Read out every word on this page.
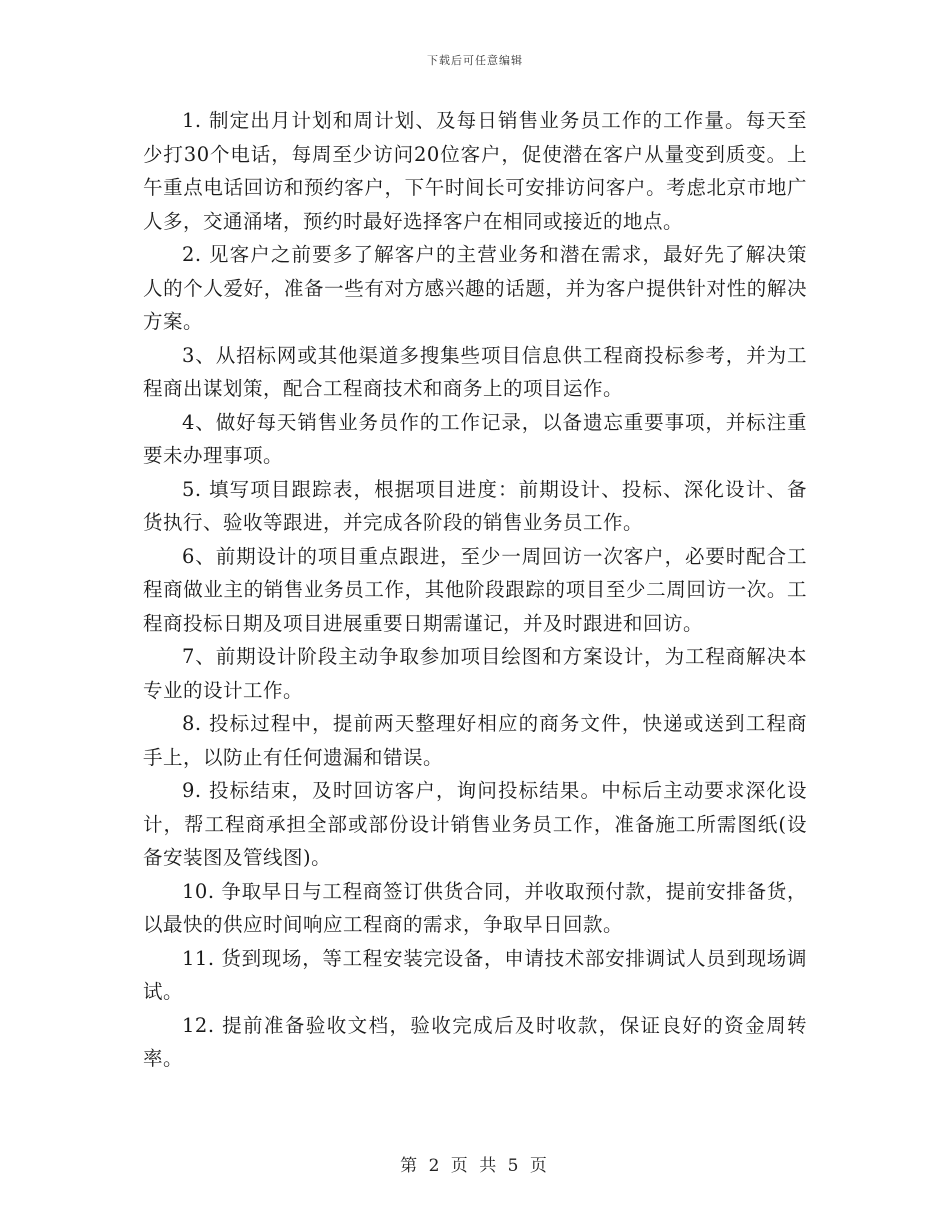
下载后可任意编辑

1. 制定出月计划和周计划、及每日销售业务员工作的工作量。每天至少打30个电话，每周至少访问20位客户，促使潜在客户从量变到质变。上午重点电话回访和预约客户，下午时间长可安排访问客户。考虑北京市地广人多，交通涌堵，预约时最好选择客户在相同或接近的地点。

2. 见客户之前要多了解客户的主营业务和潜在需求，最好先了解决策人的个人爱好，准备一些有对方感兴趣的话题，并为客户提供针对性的解决方案。

3、从招标网或其他渠道多搜集些项目信息供工程商投标参考，并为工程商出谋划策，配合工程商技术和商务上的项目运作。

4、做好每天销售业务员作的工作记录，以备遗忘重要事项，并标注重要未办理事项。

5. 填写项目跟踪表，根据项目进度：前期设计、投标、深化设计、备货执行、验收等跟进，并完成各阶段的销售业务员工作。

6、前期设计的项目重点跟进，至少一周回访一次客户，必要时配合工程商做业主的销售业务员工作，其他阶段跟踪的项目至少二周回访一次。工程商投标日期及项目进展重要日期需谨记，并及时跟进和回访。

7、前期设计阶段主动争取参加项目绘图和方案设计，为工程商解决本专业的设计工作。

8. 投标过程中，提前两天整理好相应的商务文件，快递或送到工程商手上，以防止有任何遗漏和错误。

9. 投标结束，及时回访客户，询问投标结果。中标后主动要求深化设计，帮工程商承担全部或部份设计销售业务员工作，准备施工所需图纸(设备安装图及管线图)。

10. 争取早日与工程商签订供货合同，并收取预付款，提前安排备货，以最快的供应时间响应工程商的需求，争取早日回款。

11. 货到现场，等工程安装完设备，申请技术部安排调试人员到现场调试。

12. 提前准备验收文档，验收完成后及时收款，保证良好的资金周转率。

第 2 页 共 5 页
